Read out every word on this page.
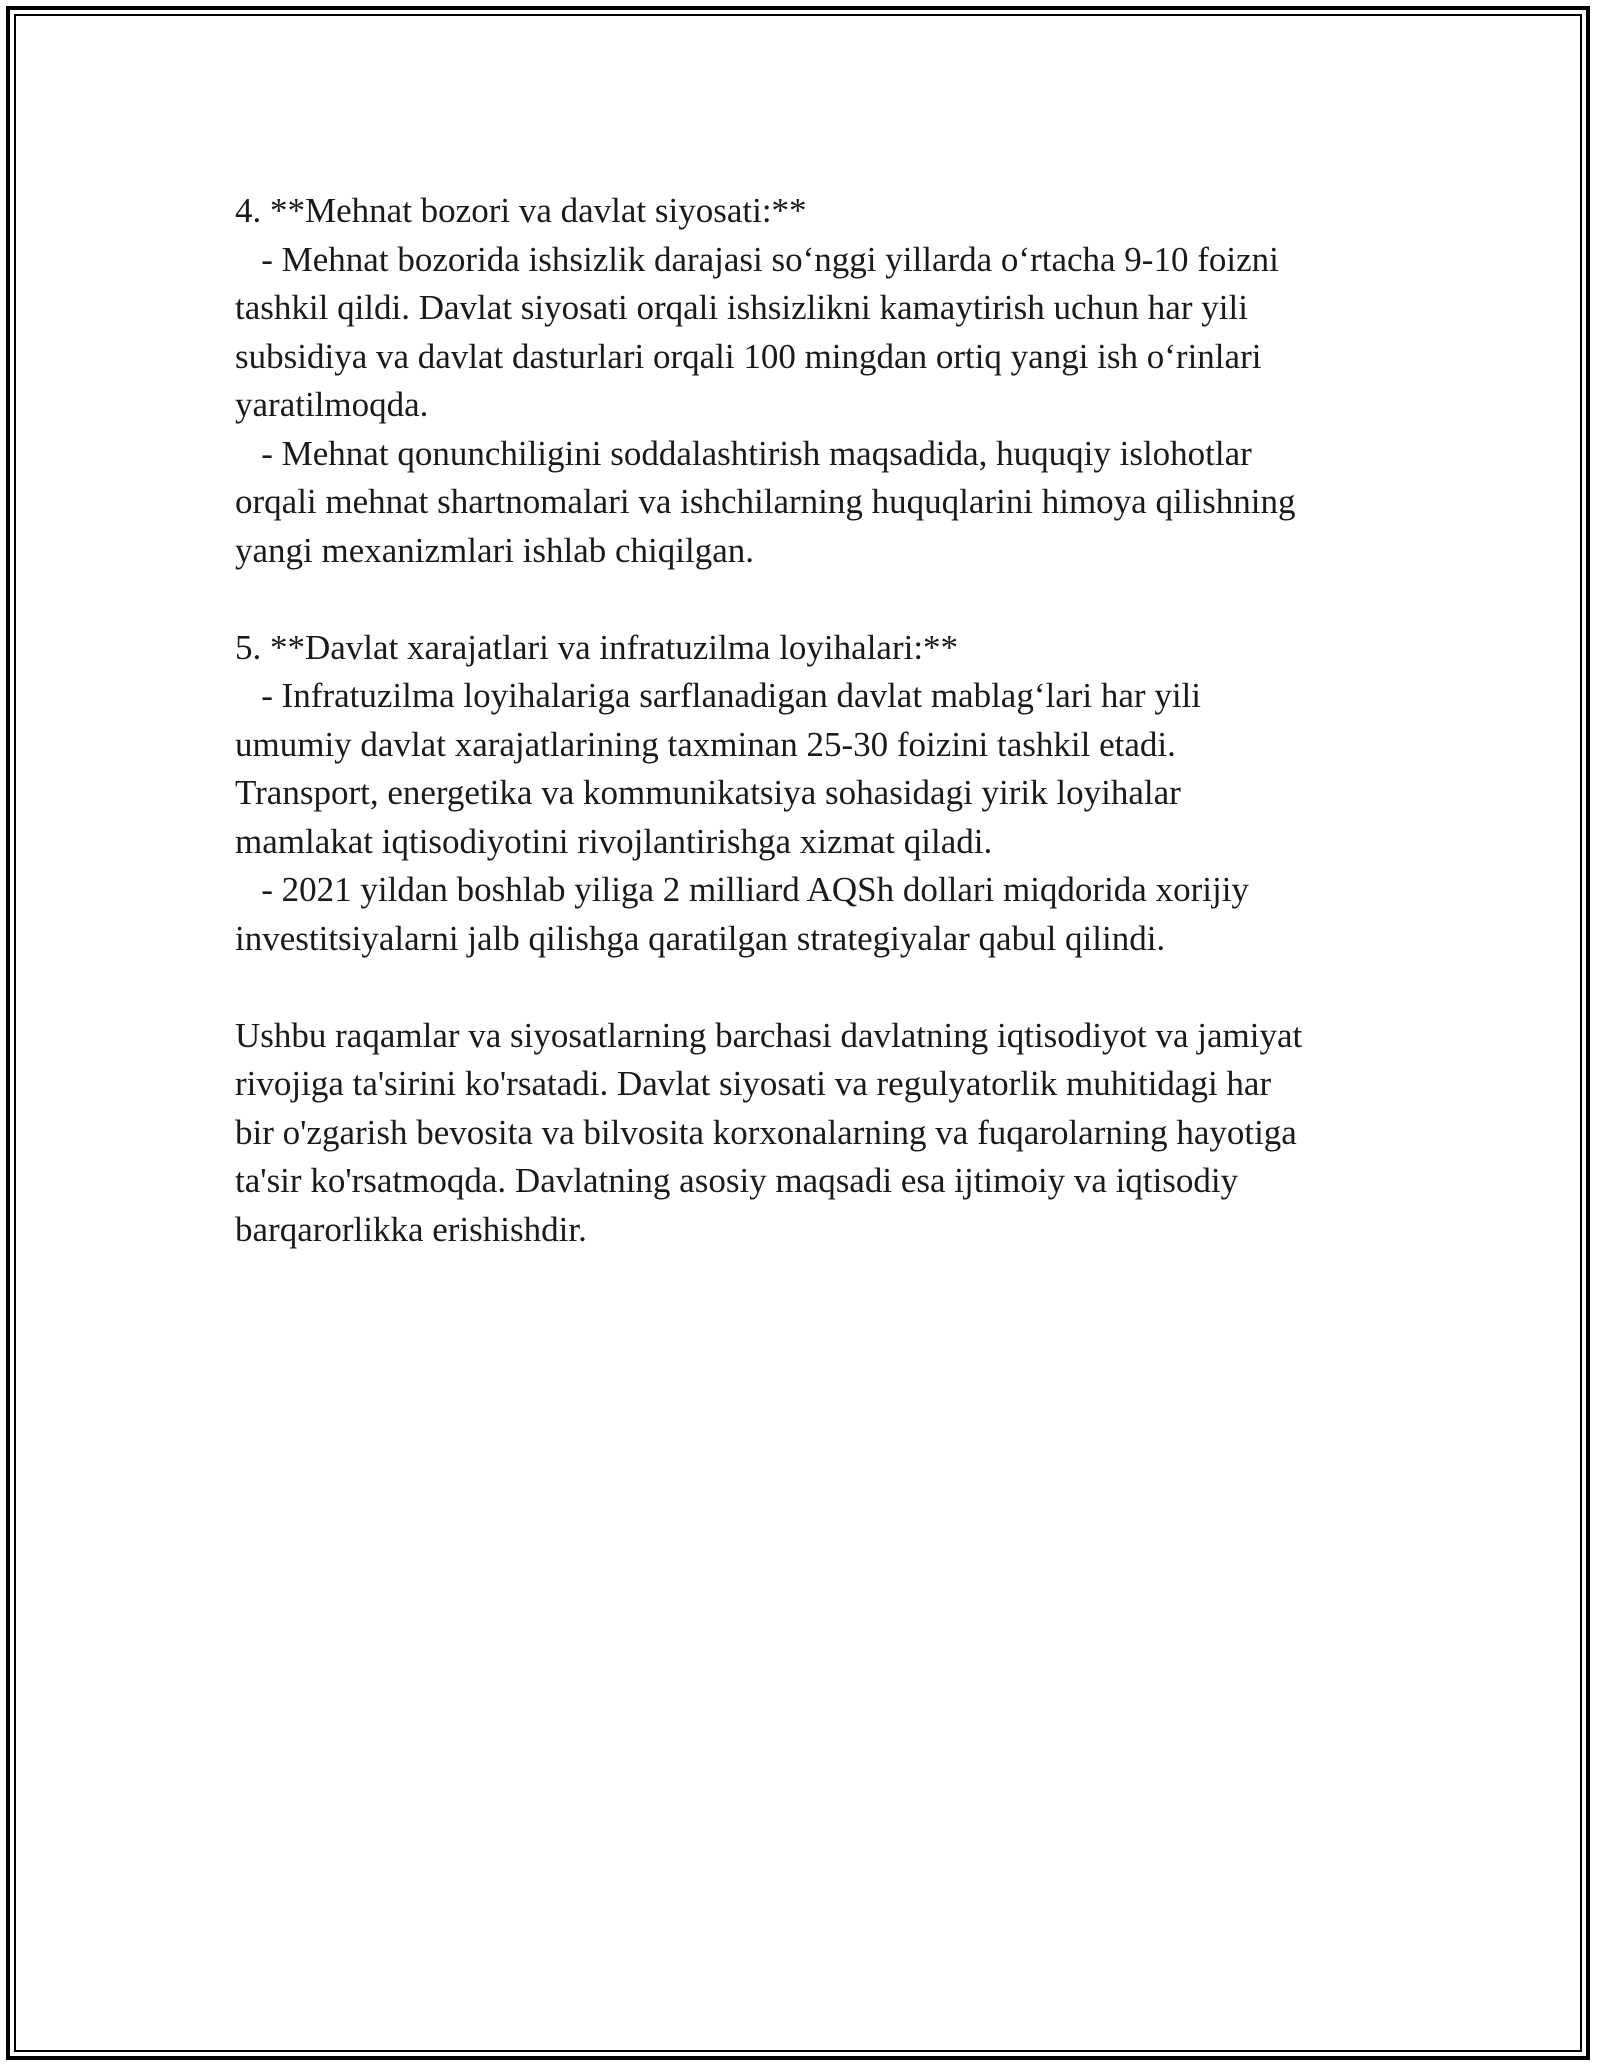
4. **Mehnat bozori va davlat siyosati:**
- Mehnat bozorida ishsizlik darajasi so‘nggi yillarda o‘rtacha 9-10 foizni
tashkil qildi. Davlat siyosati orqali ishsizlikni kamaytirish uchun har yili
subsidiya va davlat dasturlari orqali 100 mingdan ortiq yangi ish o‘rinlari
yaratilmoqda.
- Mehnat qonunchiligini soddalashtirish maqsadida, huquqiy islohotlar
orqali mehnat shartnomalari va ishchilarning huquqlarini himoya qilishning
yangi mexanizmlari ishlab chiqilgan.
5. **Davlat xarajatlari va infratuzilma loyihalari:**
- Infratuzilma loyihalariga sarflanadigan davlat mablag‘lari har yili
umumiy davlat xarajatlarining taxminan 25-30 foizini tashkil etadi.
Transport, energetika va kommunikatsiya sohasidagi yirik loyihalar
mamlakat iqtisodiyotini rivojlantirishga xizmat qiladi.
- 2021 yildan boshlab yiliga 2 milliard AQSh dollari miqdorida xorijiy
investitsiyalarni jalb qilishga qaratilgan strategiyalar qabul qilindi.
Ushbu raqamlar va siyosatlarning barchasi davlatning iqtisodiyot va jamiyat
rivojiga ta'sirini ko'rsatadi. Davlat siyosati va regulyatorlik muhitidagi har
bir o'zgarish bevosita va bilvosita korxonalarning va fuqarolarning hayotiga
ta'sir ko'rsatmoqda. Davlatning asosiy maqsadi esa ijtimoiy va iqtisodiy
barqarorlikka erishishdir.
